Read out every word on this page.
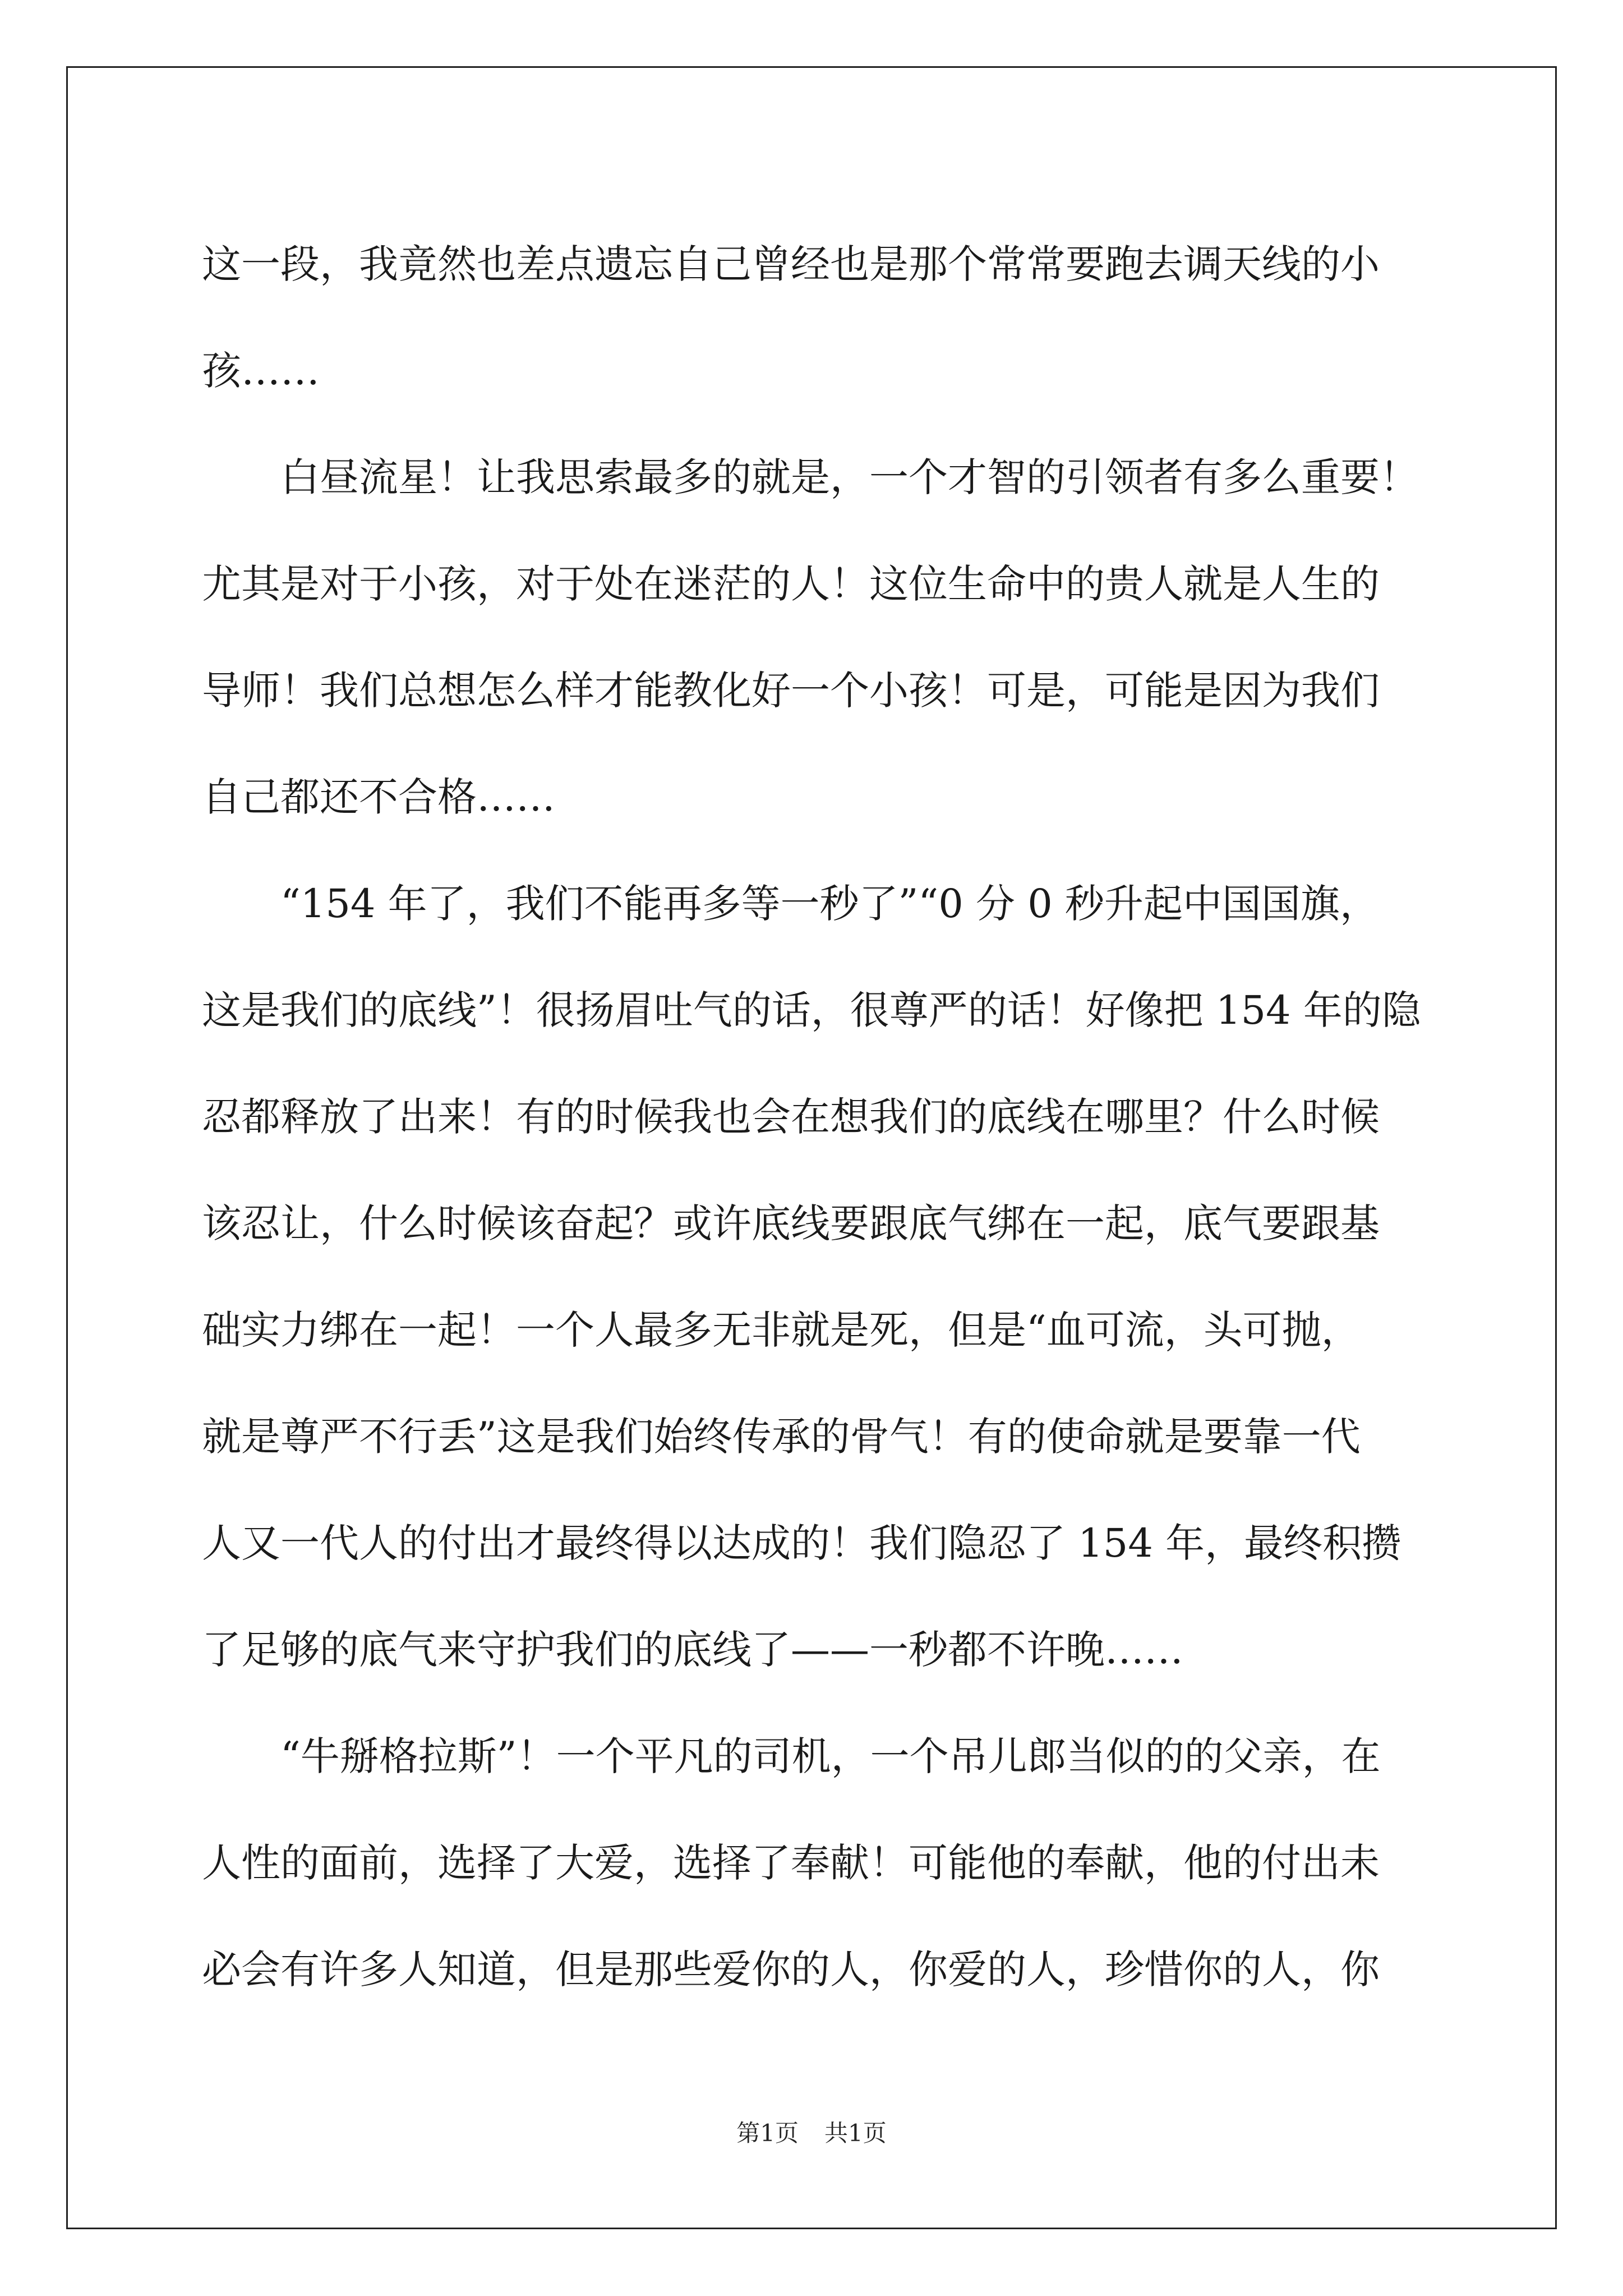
这一段，我竟然也差点遗忘自己曾经也是那个常常要跑去调天线的小
孩……
　　白昼流星！让我思索最多的就是，一个才智的引领者有多么重要！
尤其是对于小孩，对于处在迷茫的人！这位生命中的贵人就是人生的
导师！我们总想怎么样才能教化好一个小孩！可是，可能是因为我们
自己都还不合格……
　　“154 年了，我们不能再多等一秒了”“0 分 0 秒升起中国国旗，
这是我们的底线”！很扬眉吐气的话，很尊严的话！好像把 154 年的隐
忍都释放了出来！有的时候我也会在想我们的底线在哪里？什么时候
该忍让，什么时候该奋起？或许底线要跟底气绑在一起，底气要跟基
础实力绑在一起！一个人最多无非就是死，但是“血可流，头可抛，
就是尊严不行丢”这是我们始终传承的骨气！有的使命就是要靠一代
人又一代人的付出才最终得以达成的！我们隐忍了 154 年，最终积攒
了足够的底气来守护我们的底线了——一秒都不许晚……
　　“牛掰格拉斯”！一个平凡的司机，一个吊儿郎当似的的父亲，在
人性的面前，选择了大爱，选择了奉献！可能他的奉献，他的付出未
必会有许多人知道，但是那些爱你的人，你爱的人，珍惜你的人，你
第1页 共1页
